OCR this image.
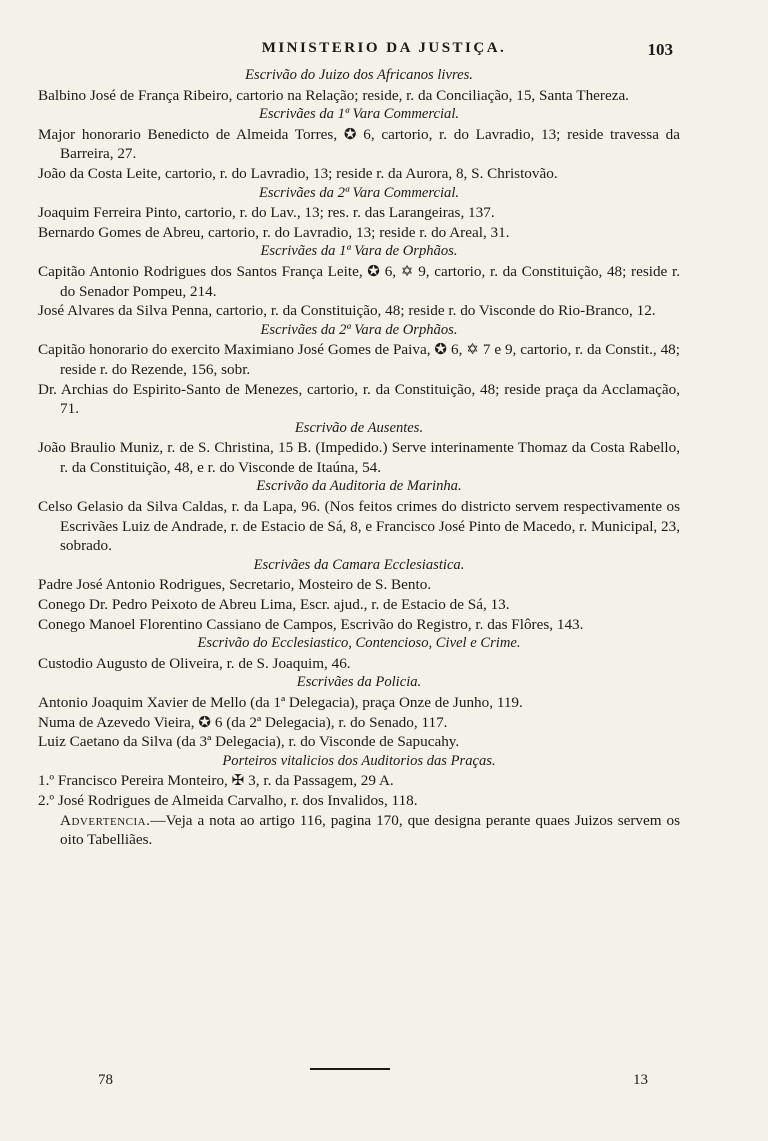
MINISTERIO DA JUSTIÇA.	103

Escrivão do Juizo dos Africanos livres.

Balbino José de França Ribeiro, cartorio na Relação; reside, r. da Conciliação, 15, Santa Thereza.

Escrivães da 1ª Vara Commercial.

Major honorario Benedicto de Almeida Torres, ✪ 6, cartorio, r. do Lavradio, 13; reside travessa da Barreira, 27.

João da Costa Leite, cartorio, r. do Lavradio, 13; reside r. da Aurora, 8, S. Christovão.

Escrivães da 2ª Vara Commercial.

Joaquim Ferreira Pinto, cartorio, r. do Lav., 13; res. r. das Larangeiras, 137.

Bernardo Gomes de Abreu, cartorio, r. do Lavradio, 13; reside r. do Areal, 31.

Escrivães da 1ª Vara de Orphãos.

Capitão Antonio Rodrigues dos Santos França Leite, ✪ 6, ✡ 9, cartorio, r. da Constituição, 48; reside r. do Senador Pompeu, 214.

José Alvares da Silva Penna, cartorio, r. da Constituição, 48; reside r. do Visconde do Rio-Branco, 12.

Escrivães da 2ª Vara de Orphãos.

Capitão honorario do exercito Maximiano José Gomes de Paiva, ✪ 6, ✡ 7 e 9, cartorio, r. da Constit., 48; reside r. do Rezende, 156, sobr.

Dr. Archias do Espirito-Santo de Menezes, cartorio, r. da Constituição, 48; reside praça da Acclamação, 71.

Escrivão de Ausentes.

João Braulio Muniz, r. de S. Christina, 15 B. (Impedido.) Serve interinamente Thomaz da Costa Rabello, r. da Constituição, 48, e r. do Visconde de Itaúna, 54.

Escrivão da Auditoria de Marinha.

Celso Gelasio da Silva Caldas, r. da Lapa, 96. (Nos feitos crimes do districto servem respectivamente os Escrivães Luiz de Andrade, r. de Estacio de Sá, 8, e Francisco José Pinto de Macedo, r. Municipal, 23, sobrado.

Escrivães da Camara Ecclesiastica.

Padre José Antonio Rodrigues, Secretario, Mosteiro de S. Bento.

Conego Dr. Pedro Peixoto de Abreu Lima, Escr. ajud., r. de Estacio de Sá, 13.

Conego Manoel Florentino Cassiano de Campos, Escrivão do Registro, r. das Flôres, 143.

Escrivão do Ecclesiastico, Contencioso, Civel e Crime.

Custodio Augusto de Oliveira, r. de S. Joaquim, 46.

Escrivães da Policia.

Antonio Joaquim Xavier de Mello (da 1ª Delegacia), praça Onze de Junho, 119.

Numa de Azevedo Vieira, ✪ 6 (da 2ª Delegacia), r. do Senado, 117.

Luiz Caetano da Silva (da 3ª Delegacia), r. do Visconde de Sapucahy.

Porteiros vitalicios dos Auditorios das Praças.

1.º Francisco Pereira Monteiro, ✠ 3, r. da Passagem, 29 A.

2.º José Rodrigues de Almeida Carvalho, r. dos Invalidos, 118.

Advertencia.—Veja a nota ao artigo 116, pagina 170, que designa perante quaes Juizos servem os oito Tabelliães.

78	13
